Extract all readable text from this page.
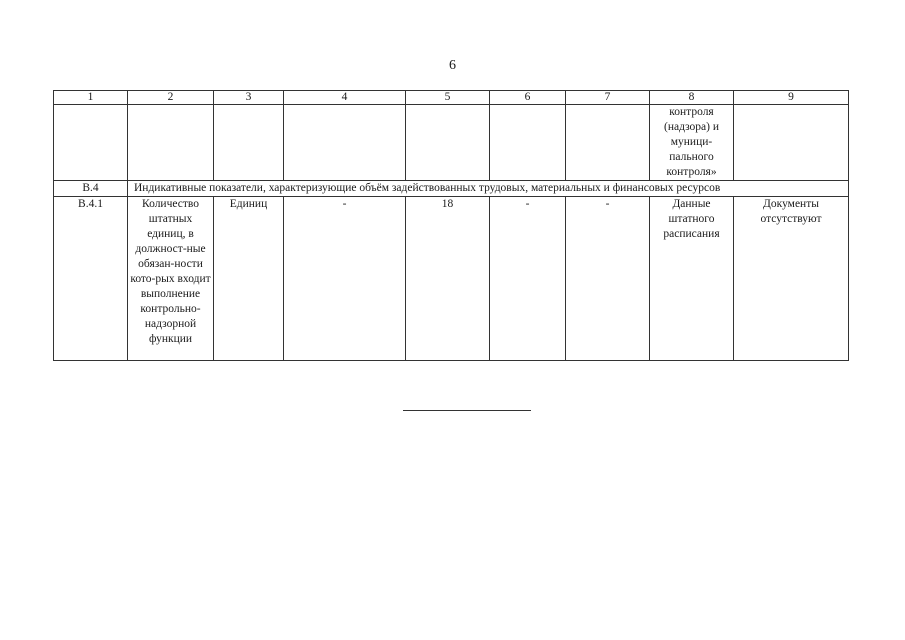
6
1	2	3	4	5	6	7	8	9
							контроля (надзора) и муници-пального контроля»	
В.4	Индикативные показатели, характеризующие объём задействованных трудовых, материальных и финансовых ресурсов							
В.4.1	Количество штатных единиц, в должност-ные обязан-ности кото-рых входит выполнение контрольно-надзорной функции	Единиц	-	18	-	-	Данные штатного расписания	Документы отсутствуют
